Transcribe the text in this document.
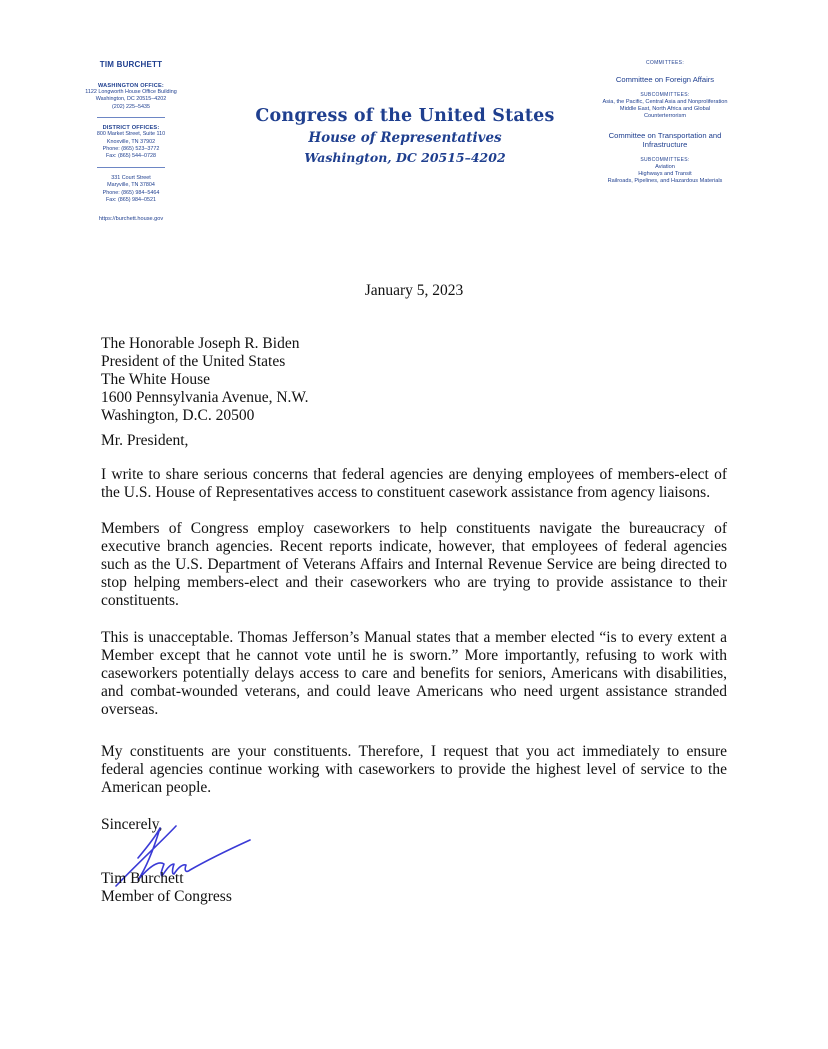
TIM BURCHETT
WASHINGTON OFFICE:
1122 Longworth House Office Building
Washington, DC 20515–4202
(202) 225–5435
DISTRICT OFFICES:
800 Market Street, Suite 110
Knoxville, TN 37902
Phone: (865) 523–3772
Fax: (865) 544–0728
331 Court Street
Maryville, TN 37804
Phone: (865) 984–5464
Fax: (865) 984–0521
https://burchett.house.gov
Congress of the United States
House of Representatives
Washington, DC 20515–4202
COMMITTEES:
Committee on Foreign Affairs
SUBCOMMITTEES:
Asia, the Pacific, Central Asia and Nonproliferation
Middle East, North Africa and Global
Counterterrorism
Committee on Transportation and
Infrastructure
SUBCOMMITTEES:
Aviation
Highways and Transit
Railroads, Pipelines, and Hazardous Materials
January 5, 2023
The Honorable Joseph R. Biden
President of the United States
The White House
1600 Pennsylvania Avenue, N.W.
Washington, D.C. 20500
Mr. President,

I write to share serious concerns that federal agencies are denying employees of members-elect of the U.S. House of Representatives access to constituent casework assistance from agency liaisons.

Members of Congress employ caseworkers to help constituents navigate the bureaucracy of executive branch agencies. Recent reports indicate, however, that employees of federal agencies such as the U.S. Department of Veterans Affairs and Internal Revenue Service are being directed to stop helping members-elect and their caseworkers who are trying to provide assistance to their constituents.

This is unacceptable. Thomas Jefferson’s Manual states that a member elected “is to every extent a Member except that he cannot vote until he is sworn.” More importantly, refusing to work with caseworkers potentially delays access to care and benefits for seniors, Americans with disabilities, and combat-wounded veterans, and could leave Americans who need urgent assistance stranded overseas.

My constituents are your constituents. Therefore, I request that you act immediately to ensure federal agencies continue working with caseworkers to provide the highest level of service to the American people.

Sincerely,
Tim Burchett
Member of Congress
